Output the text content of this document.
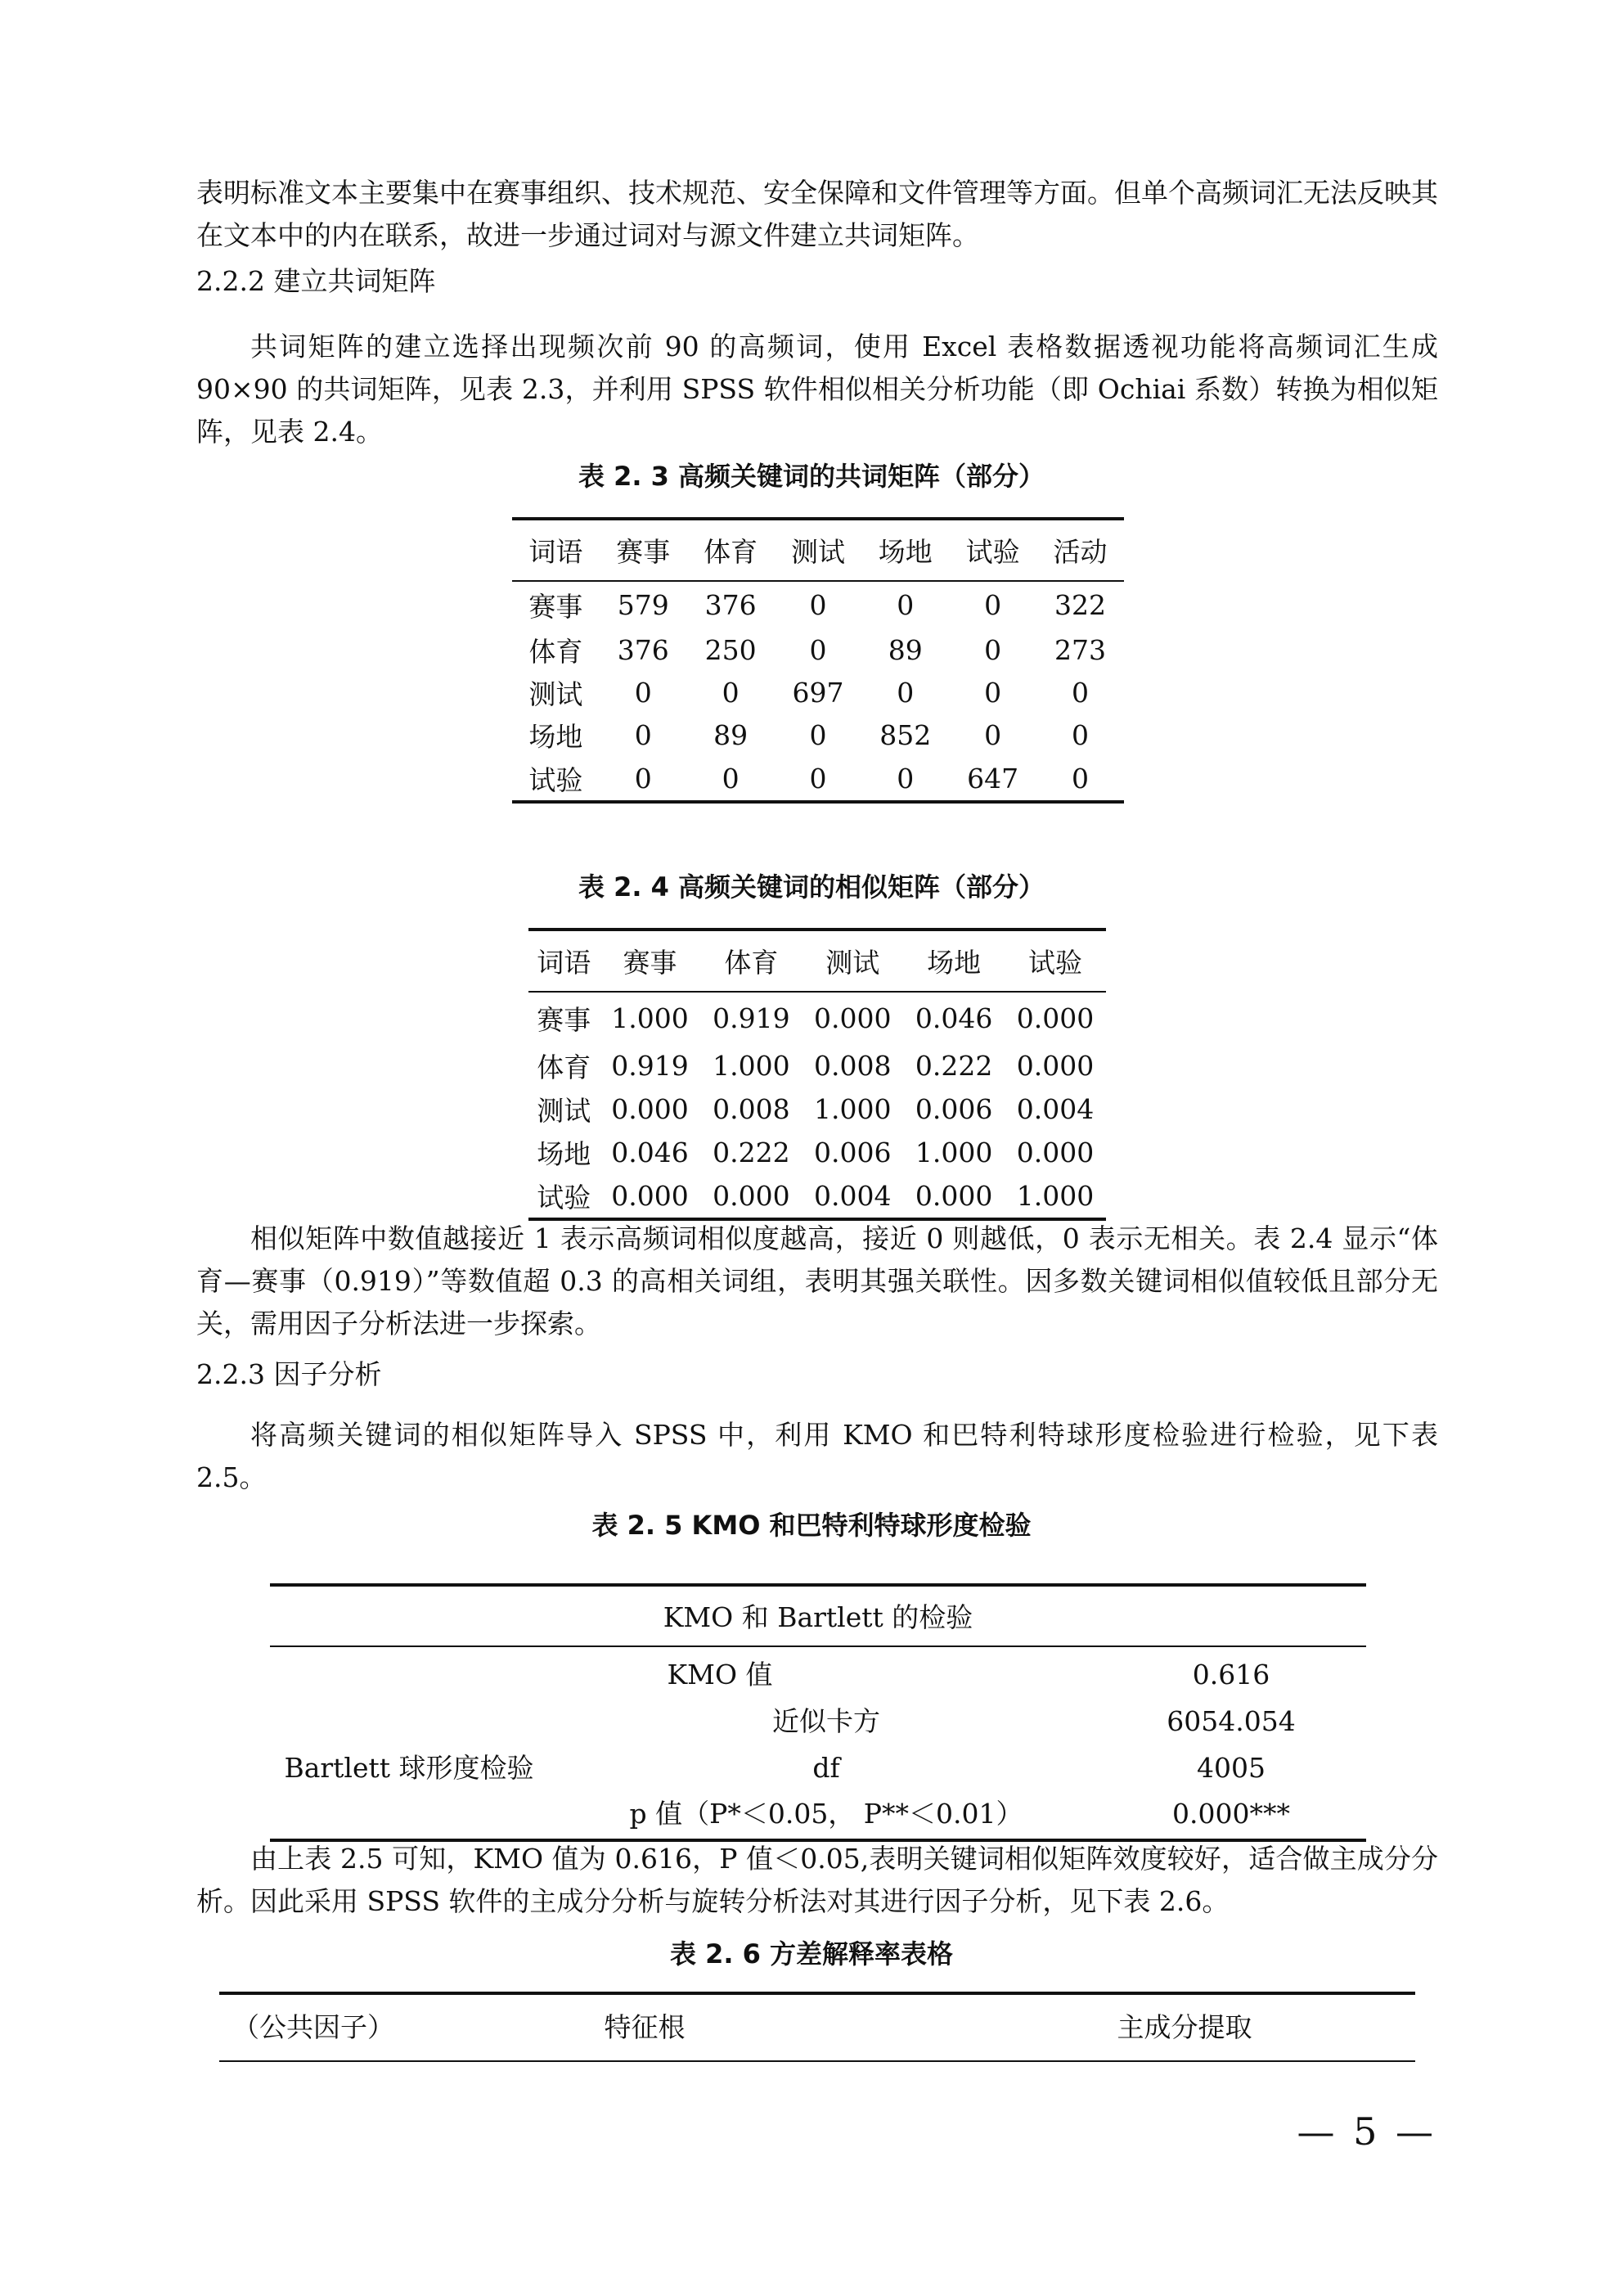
表明标准文本主要集中在赛事组织、技术规范、安全保障和文件管理等方面。但单个高频词汇无法反映其在文本中的内在联系，故进一步通过词对与源文件建立共词矩阵。

2.2.2 建立共词矩阵

共词矩阵的建立选择出现频次前 90 的高频词，使用 Excel 表格数据透视功能将高频词汇生成 90×90 的共词矩阵，见表 2.3，并利用 SPSS 软件相似相关分析功能（即 Ochiai 系数）转换为相似矩阵，见表 2.4。

表 2. 3 高频关键词的共词矩阵（部分）

词语	赛事	体育	测试	场地	试验	活动
赛事	579	376	0	0	0	322
体育	376	250	0	89	0	273
测试	0	0	697	0	0	0
场地	0	89	0	852	0	0
试验	0	0	0	0	647	0

表 2. 4 高频关键词的相似矩阵（部分）

词语	赛事	体育	测试	场地	试验
赛事	1.000	0.919	0.000	0.046	0.000
体育	0.919	1.000	0.008	0.222	0.000
测试	0.000	0.008	1.000	0.006	0.004
场地	0.046	0.222	0.006	1.000	0.000
试验	0.000	0.000	0.004	0.000	1.000

相似矩阵中数值越接近 1 表示高频词相似度越高，接近 0 则越低，0 表示无相关。表 2.4 显示“体育—赛事（0.919）”等数值超 0.3 的高相关词组，表明其强关联性。因多数关键词相似值较低且部分无关，需用因子分析法进一步探索。

2.2.3 因子分析

将高频关键词的相似矩阵导入 SPSS 中，利用 KMO 和巴特利特球形度检验进行检验，见下表 2.5。

表 2. 5 KMO 和巴特利特球形度检验

KMO 和 Bartlett 的检验
KMO 值	0.616
Bartlett 球形度检验
近似卡方	6054.054
df	4005
p 值（P*＜0.05， P**＜0.01）	0.000***

由上表 2.5 可知，KMO 值为 0.616，P 值＜0.05,表明关键词相似矩阵效度较好，适合做主成分分析。因此采用 SPSS 软件的主成分分析与旋转分析法对其进行因子分析，见下表 2.6。

表 2. 6 方差解释率表格

（公共因子）	特征根	主成分提取
— 5 —
